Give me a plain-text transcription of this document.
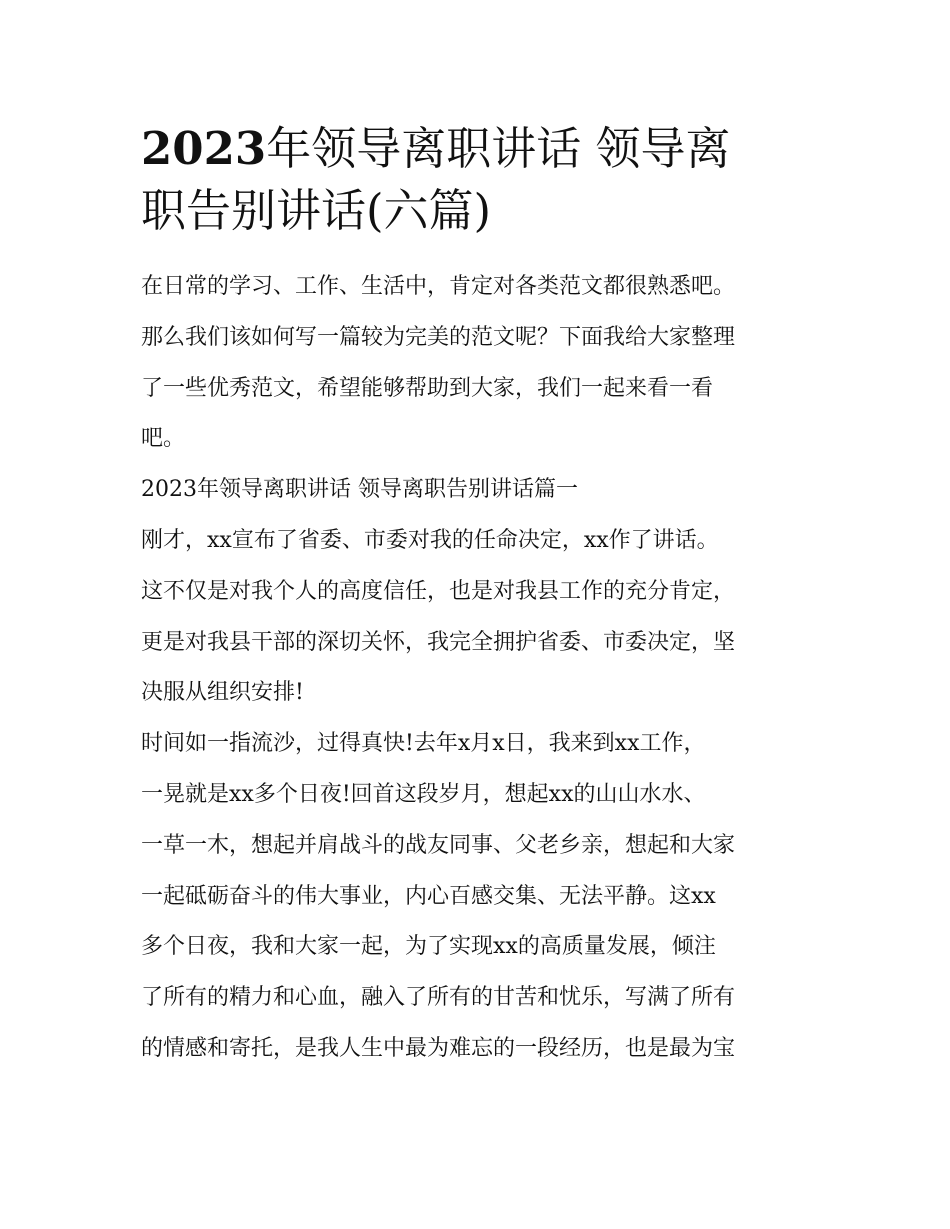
2023年领导离职讲话 领导离
职告别讲话(六篇)
在日常的学习、工作、生活中，肯定对各类范文都很熟悉吧。
那么我们该如何写一篇较为完美的范文呢？下面我给大家整理
了一些优秀范文，希望能够帮助到大家，我们一起来看一看
吧。
2023年领导离职讲话 领导离职告别讲话篇一
刚才，xx宣布了省委、市委对我的任命决定，xx作了讲话。
这不仅是对我个人的高度信任，也是对我县工作的充分肯定，
更是对我县干部的深切关怀，我完全拥护省委、市委决定，坚
决服从组织安排!
时间如一指流沙，过得真快!去年x月x日，我来到xx工作，
一晃就是xx多个日夜!回首这段岁月，想起xx的山山水水、
一草一木，想起并肩战斗的战友同事、父老乡亲，想起和大家
一起砥砺奋斗的伟大事业，内心百感交集、无法平静。这xx
多个日夜，我和大家一起，为了实现xx的高质量发展，倾注
了所有的精力和心血，融入了所有的甘苦和忧乐，写满了所有
的情感和寄托，是我人生中最为难忘的一段经历，也是最为宝
